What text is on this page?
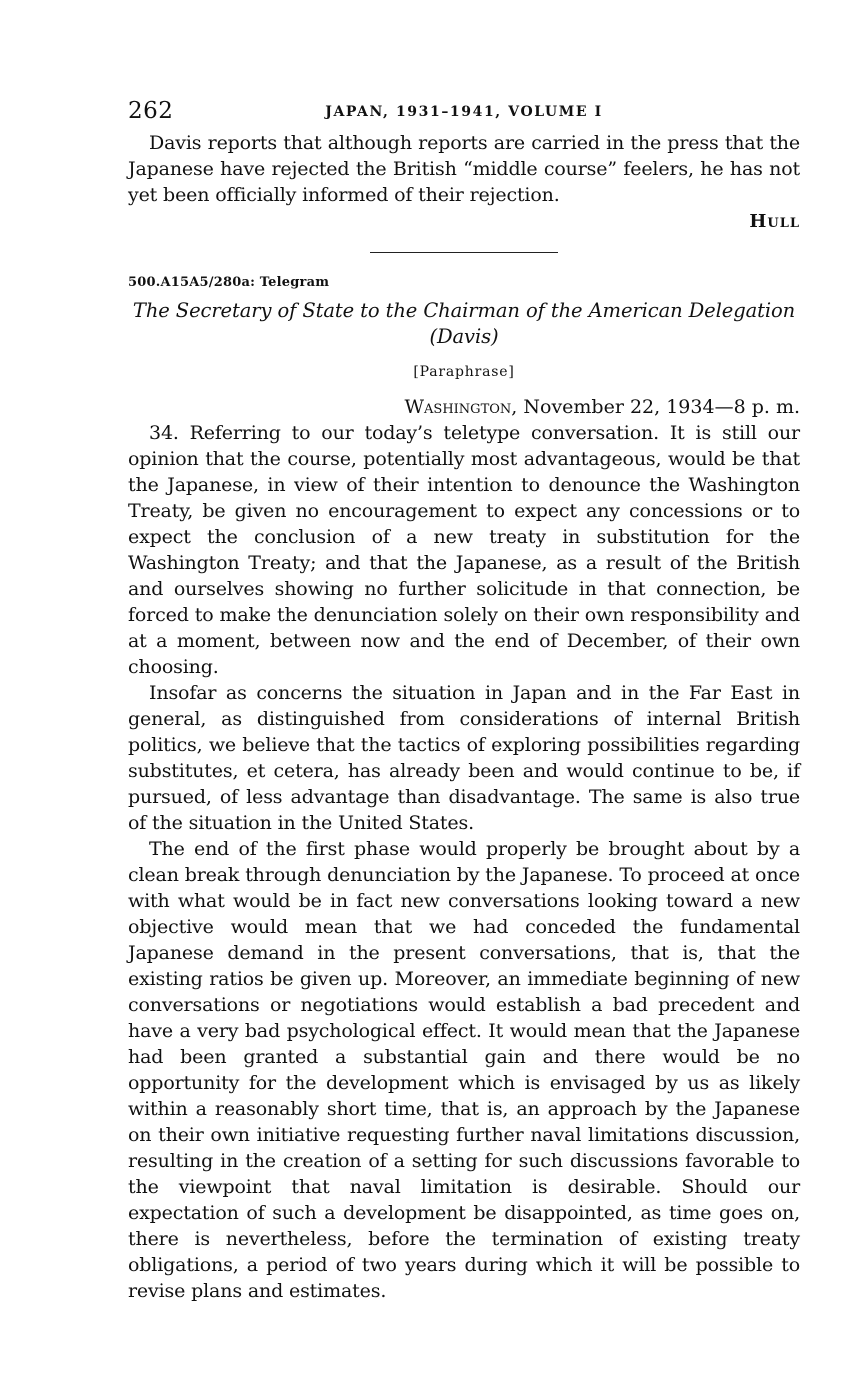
262	JAPAN, 1931–1941, VOLUME I

Davis reports that although reports are carried in the press that the Japanese have rejected the British “middle course” feelers, he has not yet been officially informed of their rejection.

Hull
500.A15A5/280a: Telegram
The Secretary of State to the Chairman of the American Delegation (Davis)
[Paraphrase]
Washington, November 22, 1934—8 p. m.

34. Referring to our today’s teletype conversation. It is still our opinion that the course, potentially most advantageous, would be that the Japanese, in view of their intention to denounce the Washington Treaty, be given no encouragement to expect any concessions or to expect the conclusion of a new treaty in substitution for the Washington Treaty; and that the Japanese, as a result of the British and ourselves showing no further solicitude in that connection, be forced to make the denunciation solely on their own responsibility and at a moment, between now and the end of December, of their own choosing.

Insofar as concerns the situation in Japan and in the Far East in general, as distinguished from considerations of internal British politics, we believe that the tactics of exploring possibilities regarding substitutes, et cetera, has already been and would continue to be, if pursued, of less advantage than disadvantage. The same is also true of the situation in the United States.

The end of the first phase would properly be brought about by a clean break through denunciation by the Japanese. To proceed at once with what would be in fact new conversations looking toward a new objective would mean that we had conceded the fundamental Japanese demand in the present conversations, that is, that the existing ratios be given up. Moreover, an immediate beginning of new conversations or negotiations would establish a bad precedent and have a very bad psychological effect. It would mean that the Japanese had been granted a substantial gain and there would be no opportunity for the development which is envisaged by us as likely within a reasonably short time, that is, an approach by the Japanese on their own initiative requesting further naval limitations discussion, resulting in the creation of a setting for such discussions favorable to the viewpoint that naval limitation is desirable. Should our expectation of such a development be disappointed, as time goes on, there is nevertheless, before the termination of existing treaty obligations, a period of two years during which it will be possible to revise plans and estimates.
